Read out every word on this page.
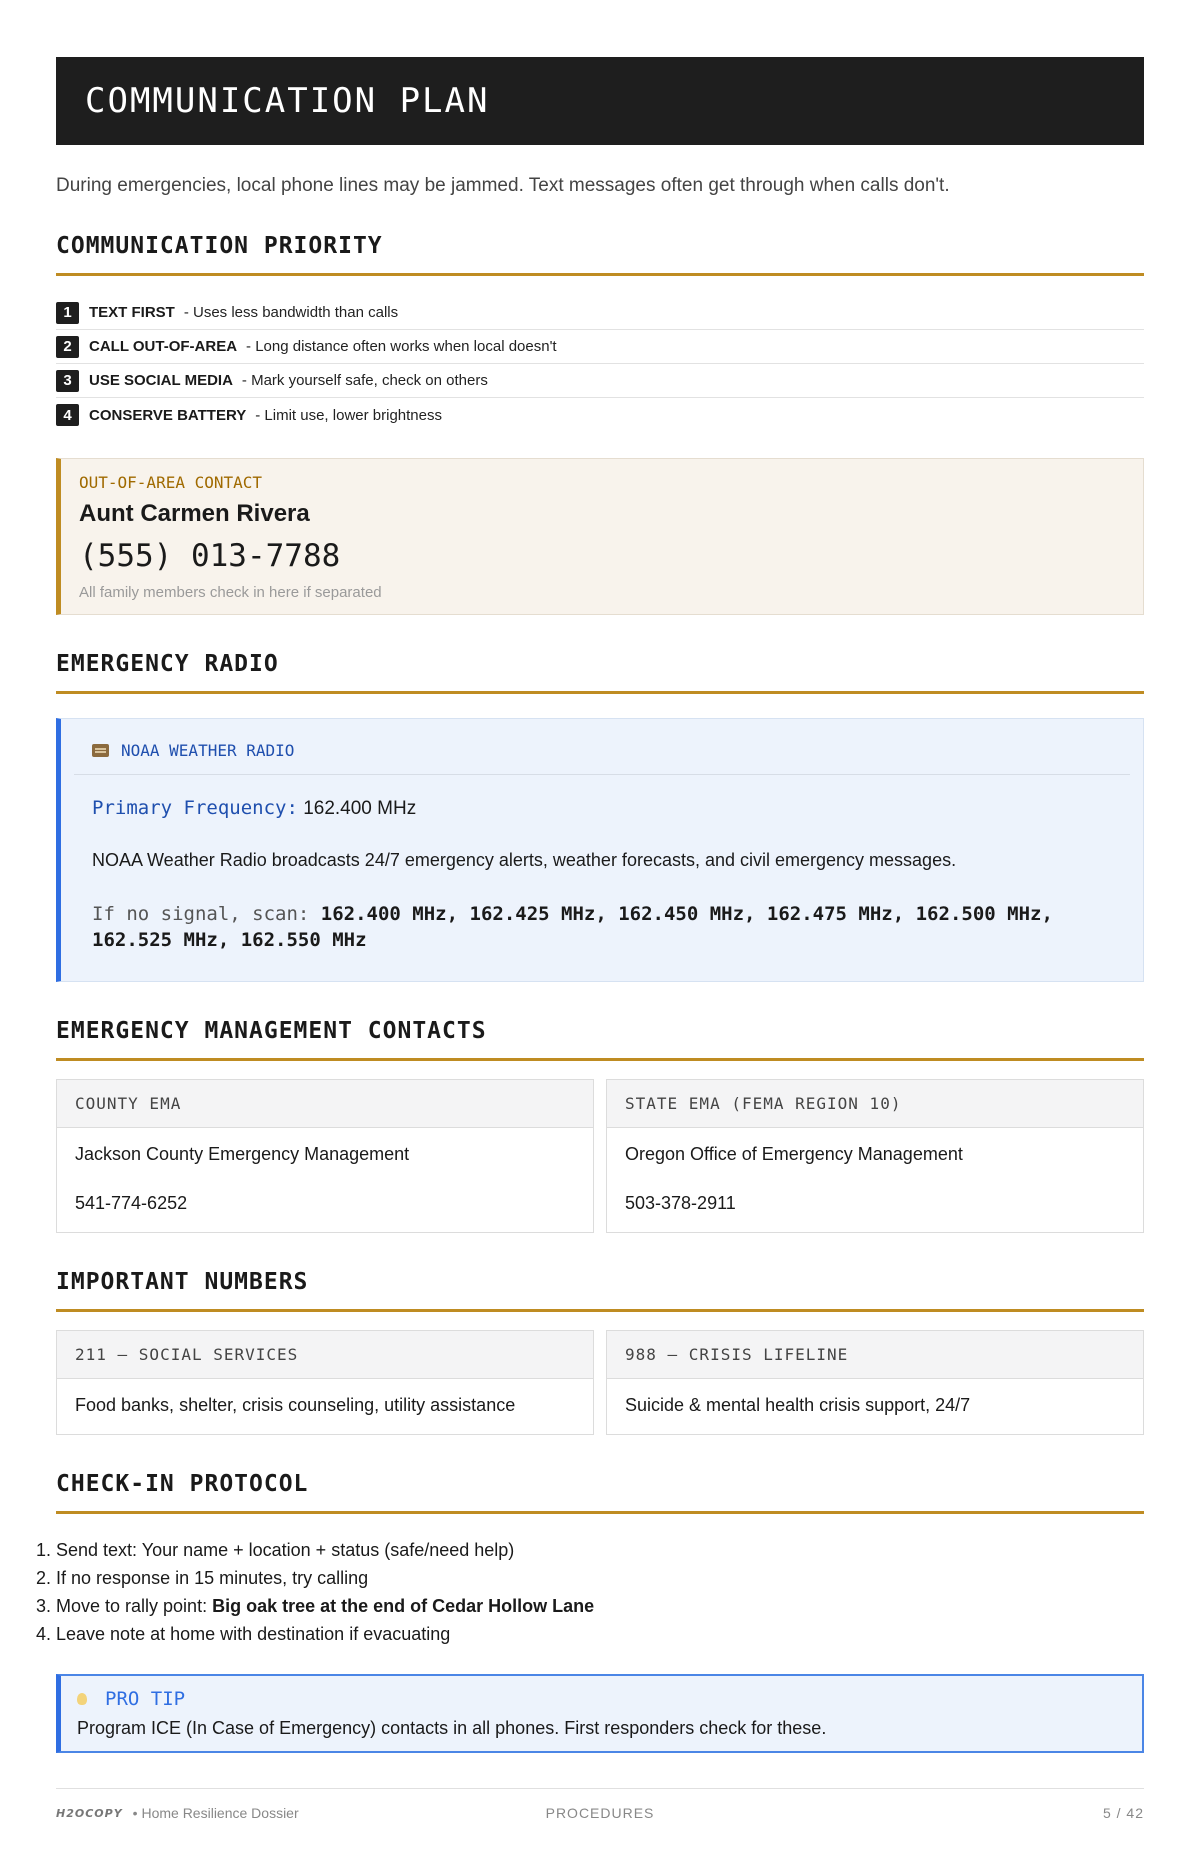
COMMUNICATION PLAN

During emergencies, local phone lines may be jammed. Text messages often get through when calls don't.

COMMUNICATION PRIORITY
1	TEXT FIRST - Uses less bandwidth than calls
2	CALL OUT-OF-AREA - Long distance often works when local doesn't
3	USE SOCIAL MEDIA - Mark yourself safe, check on others
4	CONSERVE BATTERY - Limit use, lower brightness
OUT-OF-AREA CONTACT
Aunt Carmen Rivera
(555) 013-7788
All family members check in here if separated
EMERGENCY RADIO
NOAA WEATHER RADIO
Primary Frequency: 162.400 MHz
NOAA Weather Radio broadcasts 24/7 emergency alerts, weather forecasts, and civil emergency messages.
If no signal, scan: 162.400 MHz, 162.425 MHz, 162.450 MHz, 162.475 MHz, 162.500 MHz, 162.525 MHz, 162.550 MHz
EMERGENCY MANAGEMENT CONTACTS
COUNTY EMA
Jackson County Emergency Management
541-774-6252
STATE EMA (FEMA REGION 10)
Oregon Office of Emergency Management
503-378-2911
IMPORTANT NUMBERS
211 — SOCIAL SERVICES
Food banks, shelter, crisis counseling, utility assistance
988 — CRISIS LIFELINE
Suicide & mental health crisis support, 24/7
CHECK-IN PROTOCOL
1. Send text: Your name + location + status (safe/need help)
2. If no response in 15 minutes, try calling
3. Move to rally point: Big oak tree at the end of Cedar Hollow Lane
4. Leave note at home with destination if evacuating
PRO TIP
Program ICE (In Case of Emergency) contacts in all phones. First responders check for these.
H2OCOPY • Home Resilience Dossier	PROCEDURES	5 / 42
